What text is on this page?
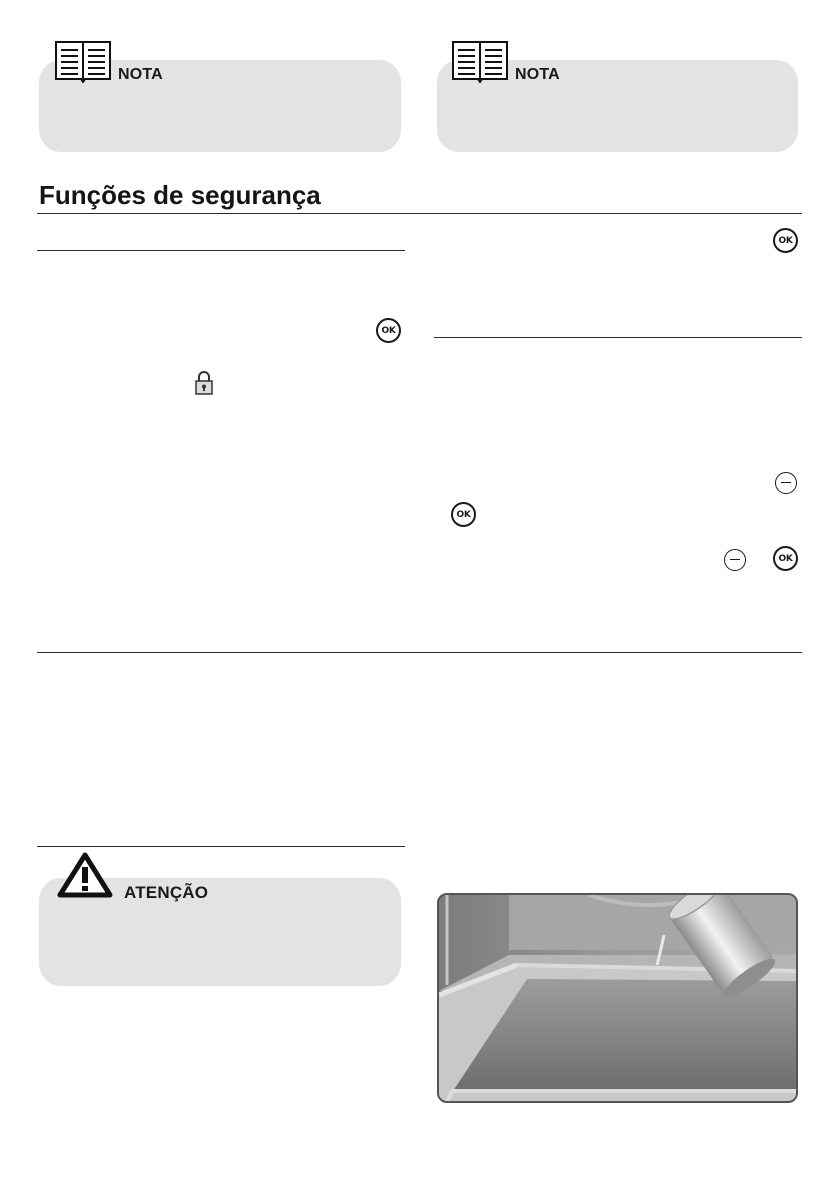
NOTA	NOTA
Funções de segurança
OK
OK
OK
OK
ATENÇÃO
